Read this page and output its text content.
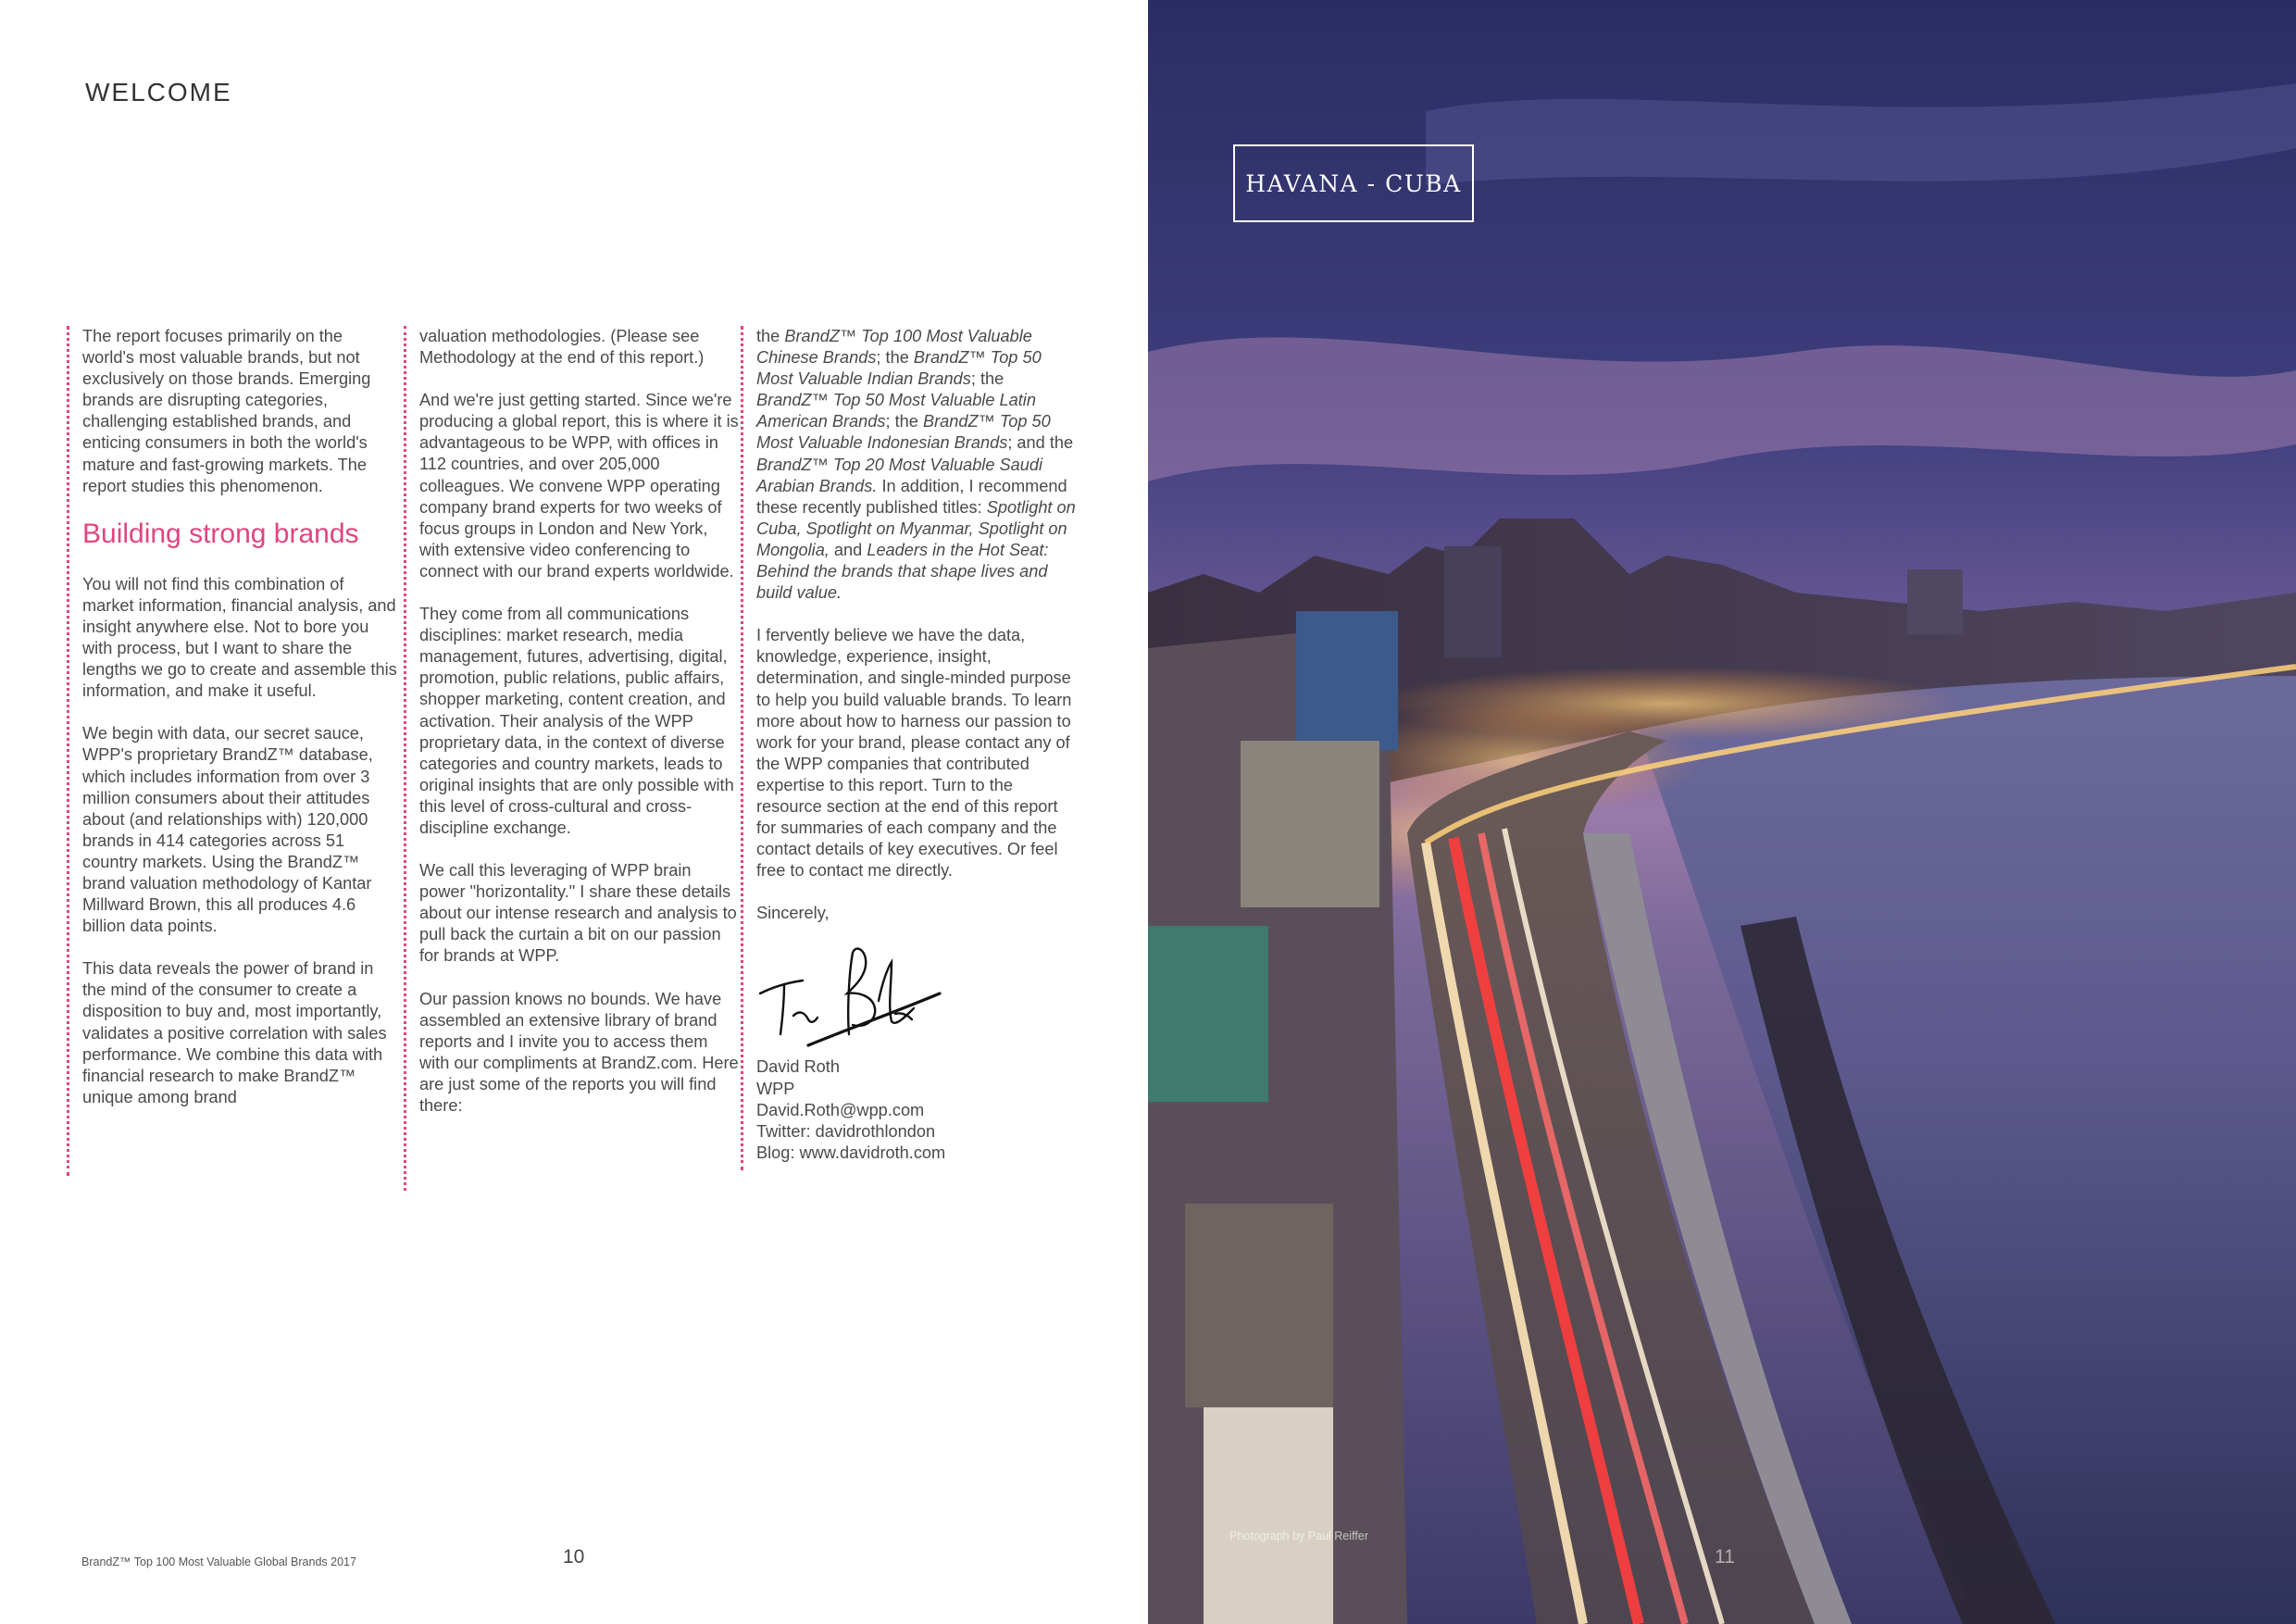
WELCOME

The report focuses primarily on the world's most valuable brands, but not exclusively on those brands. Emerging brands are disrupting categories, challenging established brands, and enticing consumers in both the world's mature and fast-growing markets. The report studies this phenomenon.

Building strong brands

You will not find this combination of market information, financial analysis, and insight anywhere else. Not to bore you with process, but I want to share the lengths we go to create and assemble this information, and make it useful.

We begin with data, our secret sauce, WPP's proprietary BrandZ™ database, which includes information from over 3 million consumers about their attitudes about (and relationships with) 120,000 brands in 414 categories across 51 country markets. Using the BrandZ™ brand valuation methodology of Kantar Millward Brown, this all produces 4.6 billion data points.

This data reveals the power of brand in the mind of the consumer to create a disposition to buy and, most importantly, validates a positive correlation with sales performance. We combine this data with financial research to make BrandZ™ unique among brand

valuation methodologies. (Please see Methodology at the end of this report.)

And we're just getting started. Since we're producing a global report, this is where it is advantageous to be WPP, with offices in 112 countries, and over 205,000 colleagues. We convene WPP operating company brand experts for two weeks of focus groups in London and New York, with extensive video conferencing to connect with our brand experts worldwide.

They come from all communications disciplines: market research, media management, futures, advertising, digital, promotion, public relations, public affairs, shopper marketing, content creation, and activation. Their analysis of the WPP proprietary data, in the context of diverse categories and country markets, leads to original insights that are only possible with this level of cross-cultural and cross-discipline exchange.

We call this leveraging of WPP brain power "horizontality." I share these details about our intense research and analysis to pull back the curtain a bit on our passion for brands at WPP.

Our passion knows no bounds. We have assembled an extensive library of brand reports and I invite you to access them with our compliments at BrandZ.com. Here are just some of the reports you will find there:

the BrandZ™ Top 100 Most Valuable Chinese Brands; the BrandZ™ Top 50 Most Valuable Indian Brands; the BrandZ™ Top 50 Most Valuable Latin American Brands; the BrandZ™ Top 50 Most Valuable Indonesian Brands; and the BrandZ™ Top 20 Most Valuable Saudi Arabian Brands. In addition, I recommend these recently published titles: Spotlight on Cuba, Spotlight on Myanmar, Spotlight on Mongolia, and Leaders in the Hot Seat: Behind the brands that shape lives and build value.

I fervently believe we have the data, knowledge, experience, insight, determination, and single-minded purpose to help you build valuable brands. To learn more about how to harness our passion to work for your brand, please contact any of the WPP companies that contributed expertise to this report. Turn to the resource section at the end of this report for summaries of each company and the contact details of key executives. Or feel free to contact me directly.

Sincerely,

David Roth
WPP
David.Roth@wpp.com
Twitter: davidrothlondon
Blog: www.davidroth.com
BrandZ™ Top 100 Most Valuable Global Brands 2017	10
HAVANA - CUBA
Photograph by Paul Reiffer
11
